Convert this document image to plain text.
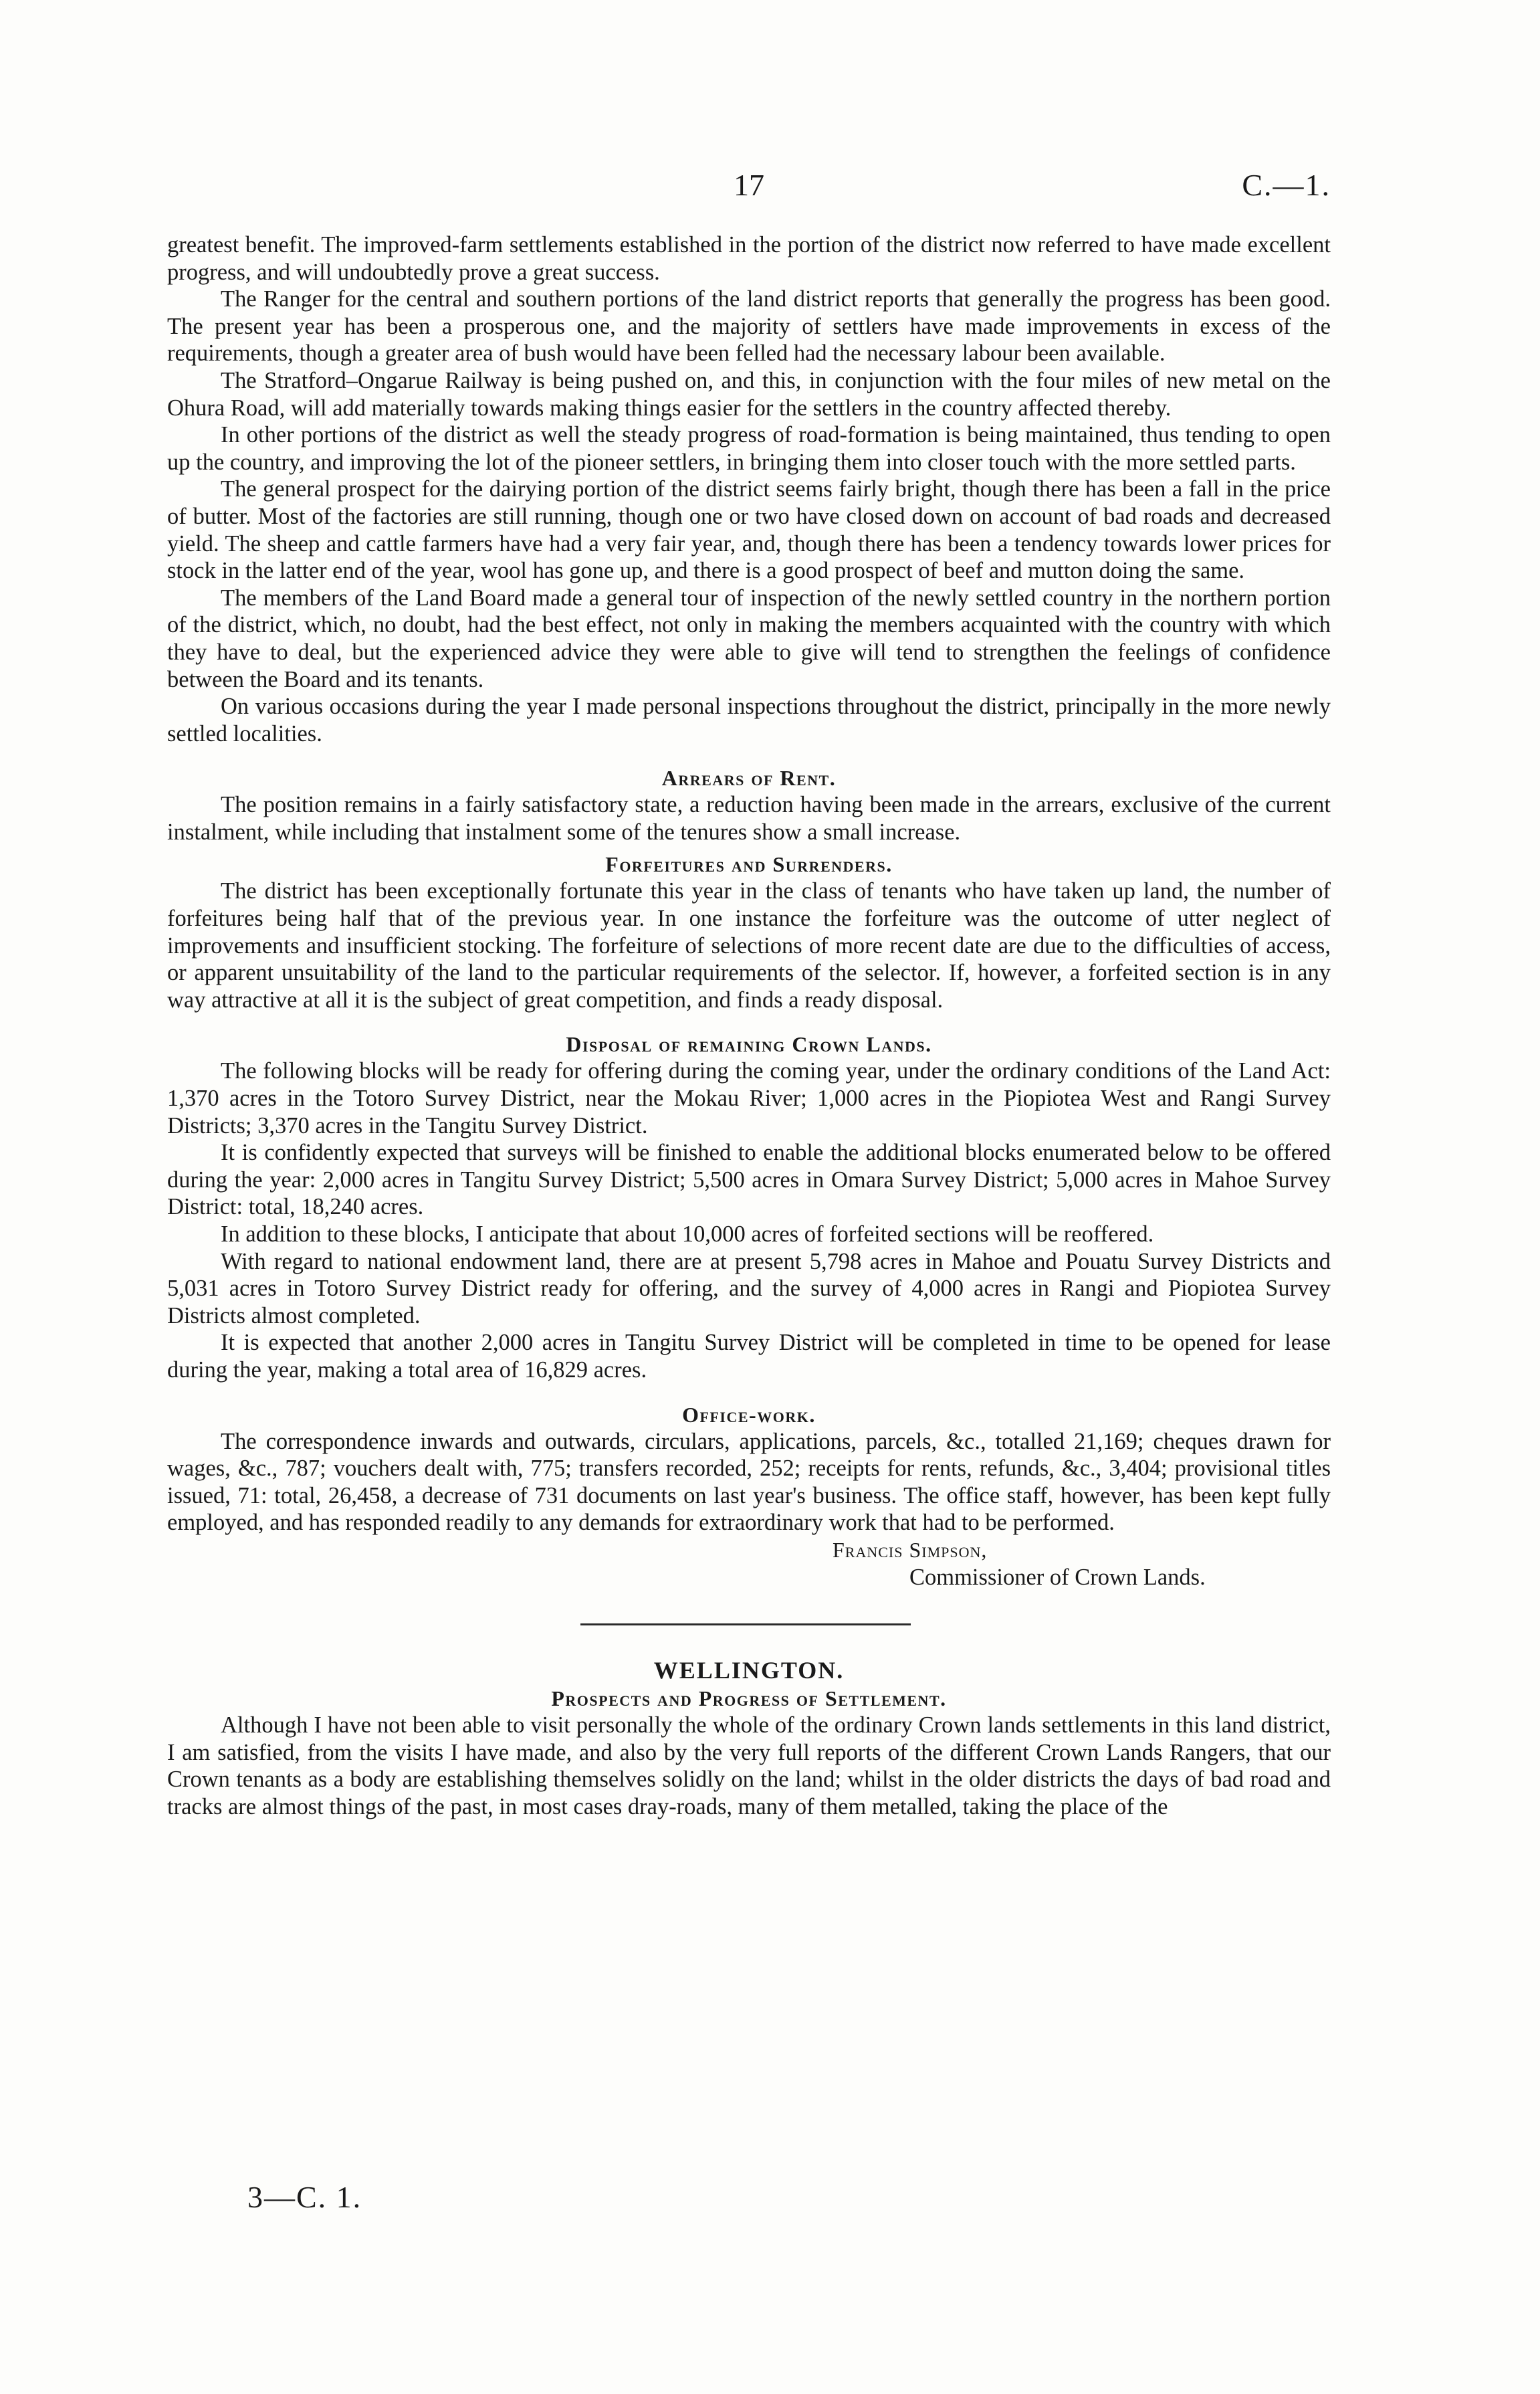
17	C.—1.

greatest benefit. The improved-farm settlements established in the portion of the district now referred to have made excellent progress, and will undoubtedly prove a great success.

The Ranger for the central and southern portions of the land district reports that generally the progress has been good. The present year has been a prosperous one, and the majority of settlers have made improvements in excess of the requirements, though a greater area of bush would have been felled had the necessary labour been available.

The Stratford–Ongarue Railway is being pushed on, and this, in conjunction with the four miles of new metal on the Ohura Road, will add materially towards making things easier for the settlers in the country affected thereby.

In other portions of the district as well the steady progress of road-formation is being maintained, thus tending to open up the country, and improving the lot of the pioneer settlers, in bringing them into closer touch with the more settled parts.

The general prospect for the dairying portion of the district seems fairly bright, though there has been a fall in the price of butter. Most of the factories are still running, though one or two have closed down on account of bad roads and decreased yield. The sheep and cattle farmers have had a very fair year, and, though there has been a tendency towards lower prices for stock in the latter end of the year, wool has gone up, and there is a good prospect of beef and mutton doing the same.

The members of the Land Board made a general tour of inspection of the newly settled country in the northern portion of the district, which, no doubt, had the best effect, not only in making the members acquainted with the country with which they have to deal, but the experienced advice they were able to give will tend to strengthen the feelings of confidence between the Board and its tenants.

On various occasions during the year I made personal inspections throughout the district, principally in the more newly settled localities.

Arrears of Rent.

The position remains in a fairly satisfactory state, a reduction having been made in the arrears, exclusive of the current instalment, while including that instalment some of the tenures show a small increase.

Forfeitures and Surrenders.

The district has been exceptionally fortunate this year in the class of tenants who have taken up land, the number of forfeitures being half that of the previous year. In one instance the forfeiture was the outcome of utter neglect of improvements and insufficient stocking. The forfeiture of selections of more recent date are due to the difficulties of access, or apparent unsuitability of the land to the particular requirements of the selector. If, however, a forfeited section is in any way attractive at all it is the subject of great competition, and finds a ready disposal.

Disposal of remaining Crown Lands.

The following blocks will be ready for offering during the coming year, under the ordinary conditions of the Land Act: 1,370 acres in the Totoro Survey District, near the Mokau River; 1,000 acres in the Piopiotea West and Rangi Survey Districts; 3,370 acres in the Tangitu Survey District.

It is confidently expected that surveys will be finished to enable the additional blocks enumerated below to be offered during the year: 2,000 acres in Tangitu Survey District; 5,500 acres in Omara Survey District; 5,000 acres in Mahoe Survey District: total, 18,240 acres.

In addition to these blocks, I anticipate that about 10,000 acres of forfeited sections will be reoffered.

With regard to national endowment land, there are at present 5,798 acres in Mahoe and Pouatu Survey Districts and 5,031 acres in Totoro Survey District ready for offering, and the survey of 4,000 acres in Rangi and Piopiotea Survey Districts almost completed.

It is expected that another 2,000 acres in Tangitu Survey District will be completed in time to be opened for lease during the year, making a total area of 16,829 acres.

Office-work.

The correspondence inwards and outwards, circulars, applications, parcels, &c., totalled 21,169; cheques drawn for wages, &c., 787; vouchers dealt with, 775; transfers recorded, 252; receipts for rents, refunds, &c., 3,404; provisional titles issued, 71: total, 26,458, a decrease of 731 documents on last year's business. The office staff, however, has been kept fully employed, and has responded readily to any demands for extraordinary work that had to be performed.

Francis Simpson,
Commissioner of Crown Lands.
WELLINGTON.
Prospects and Progress of Settlement.

Although I have not been able to visit personally the whole of the ordinary Crown lands settlements in this land district, I am satisfied, from the visits I have made, and also by the very full reports of the different Crown Lands Rangers, that our Crown tenants as a body are establishing themselves solidly on the land; whilst in the older districts the days of bad road and tracks are almost things of the past, in most cases dray-roads, many of them metalled, taking the place of the

3—C. 1.
